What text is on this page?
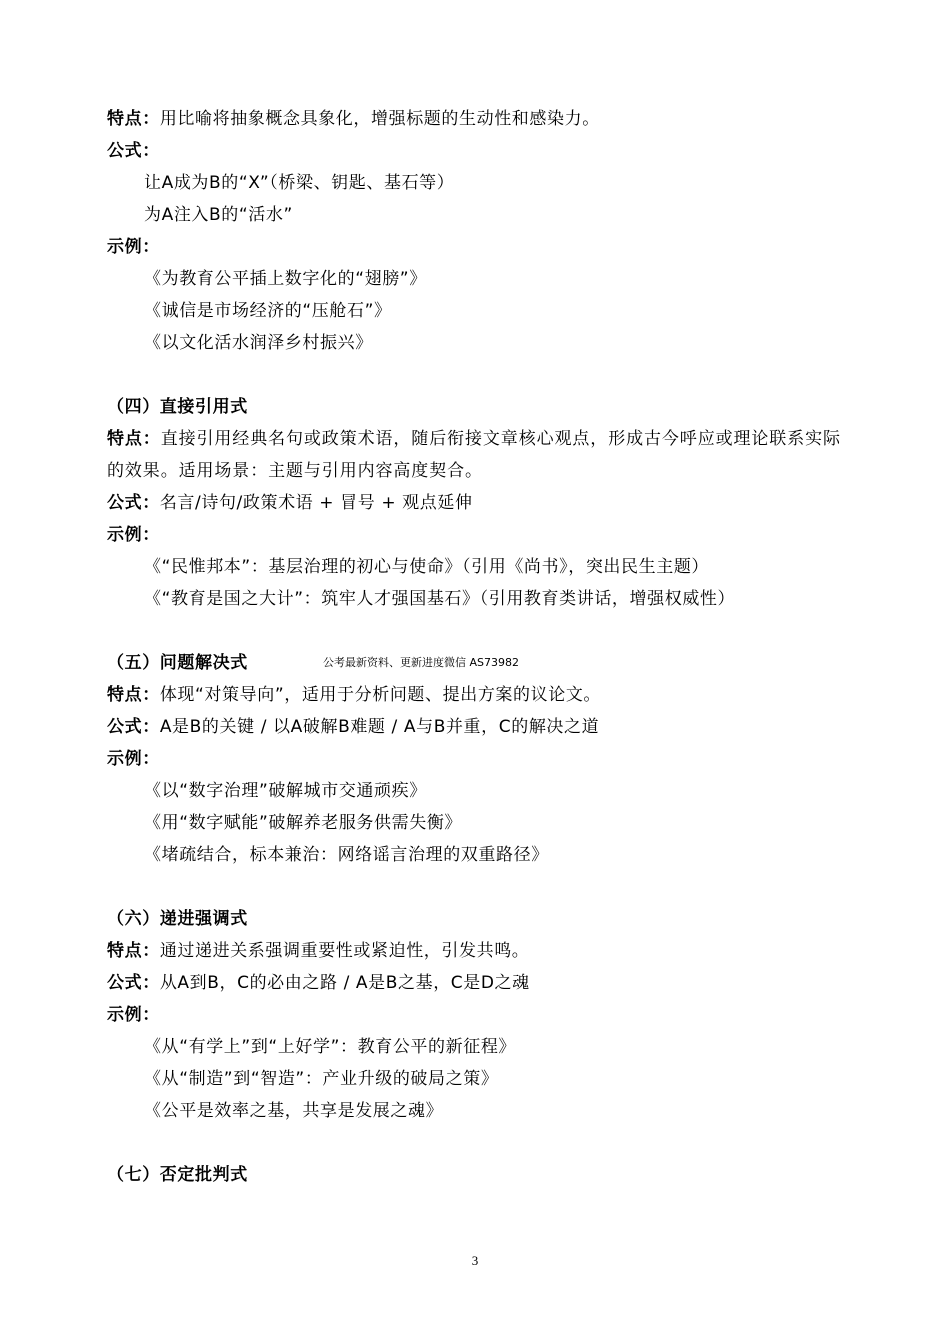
特点：用比喻将抽象概念具象化，增强标题的生动性和感染力。
公式：
让A成为B的“X”（桥梁、钥匙、基石等）
为A注入B的“活水”
示例：
《为教育公平插上数字化的“翅膀”》
《诚信是市场经济的“压舱石”》
《以文化活水润泽乡村振兴》
（四）直接引用式
特点：直接引用经典名句或政策术语，随后衔接文章核心观点，形成古今呼应或理论联系实际的效果。适用场景：主题与引用内容高度契合。
公式：名言/诗句/政策术语 + 冒号 + 观点延伸
示例：
《“民惟邦本”：基层治理的初心与使命》（引用《尚书》，突出民生主题）
《“教育是国之大计”：筑牢人才强国基石》（引用教育类讲话，增强权威性）
（五）问题解决式	公考最新资料、更新进度微信 AS73982
特点：体现“对策导向”，适用于分析问题、提出方案的议论文。
公式：A是B的关键 / 以A破解B难题 / A与B并重，C的解决之道
示例：
《以“数字治理”破解城市交通顽疾》
《用“数字赋能”破解养老服务供需失衡》
《堵疏结合，标本兼治：网络谣言治理的双重路径》
（六）递进强调式
特点：通过递进关系强调重要性或紧迫性，引发共鸣。
公式：从A到B，C的必由之路 / A是B之基，C是D之魂
示例：
《从“有学上”到“上好学”：教育公平的新征程》
《从“制造”到“智造”：产业升级的破局之策》
《公平是效率之基，共享是发展之魂》
（七）否定批判式
3
